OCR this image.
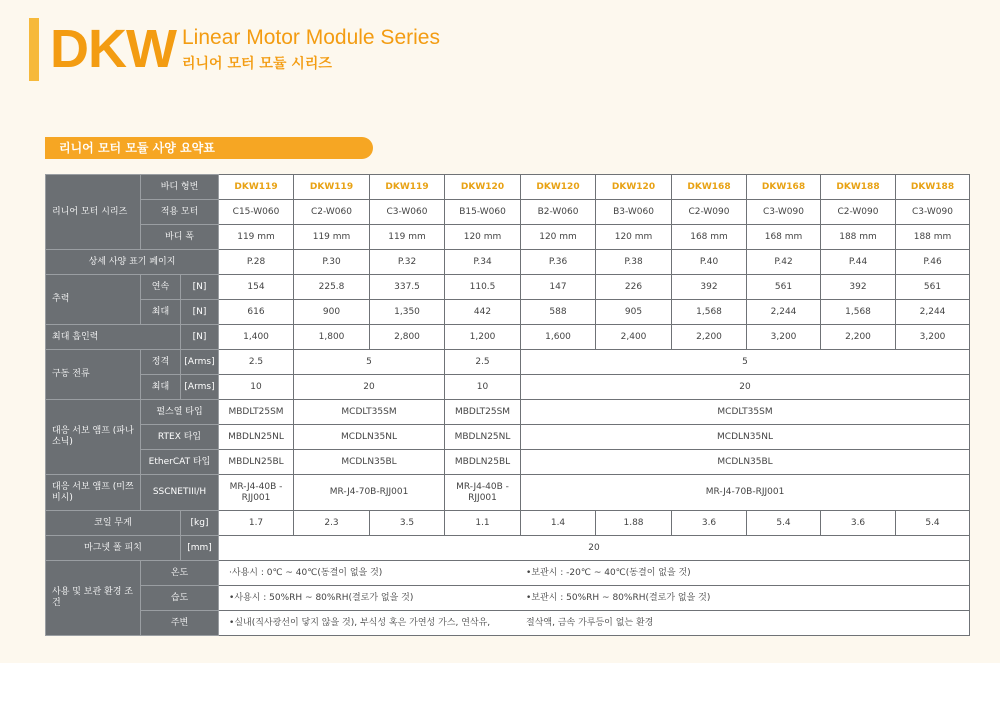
DKW Linear Motor Module Series
리니어 모터 모듈 시리즈
리니어 모터 모듈 사양 요약표
리니어 모터 시리즈	바디 형번		DKW119	DKW119	DKW119	DKW120	DKW120	DKW120	DKW168	DKW168	DKW188	DKW188
	적용 모터		C15-W060	C2-W060	C3-W060	B15-W060	B2-W060	B3-W060	C2-W090	C3-W090	C2-W090	C3-W090
	바디 폭		119 mm	119 mm	119 mm	120 mm	120 mm	120 mm	168 mm	168 mm	188 mm	188 mm
상세 사양 표기 페이지			P.28	P.30	P.32	P.34	P.36	P.38	P.40	P.42	P.44	P.46
추력	연속	[N]	154	225.8	337.5	110.5	147	226	392	561	392	561
	최대	[N]	616	900	1,350	442	588	905	1,568	2,244	1,568	2,244
최대 흡인력		[N]	1,400	1,800	2,800	1,200	1,600	2,400	2,200	3,200	2,200	3,200
구동 전류	정격	[Arms]	2.5	5		2.5	5					
	최대	[Arms]	10	20		10	20					
대응 서보 앰프 (파나소닉)	펄스열 타입		MBDLT25SM	MCDLT35SM		MBDLT25SM	MCDLT35SM					
	RTEX 타입		MBDLN25NL	MCDLN35NL		MBDLN25NL	MCDLN35NL					
	EtherCAT 타입		MBDLN25BL	MCDLN35BL		MBDLN25BL	MCDLN35BL					
대응 서보 앰프 (미쯔비시)	SSCNETIII/H		MR-J4-40B -RJJ001	MR-J4-70B-RJJ001		MR-J4-40B -RJJ001	MR-J4-70B-RJJ001					
코일 무게		[kg]	1.7	2.3	3.5	1.1	1.4	1.88	3.6	5.4	3.6	5.4
마그넷 폴 피치		[mm]	20									
사용 및 보관 환경 조건	온도		·사용시 : 0℃ ~ 40℃(동결이 없을 것) •보관시 : -20℃ ~ 40℃(동결이 없을 것)									

	습도		•사용시 : 50%RH ~ 80%RH(결로가 없을 것) •보관시 : 50%RH ~ 80%RH(결로가 없을 것)									

	주변		•실내(직사광선이 닿지 않을 것), 부식성 혹은 가연성 가스, 연삭유, 절삭액, 금속 가루등이 없는 환경									
